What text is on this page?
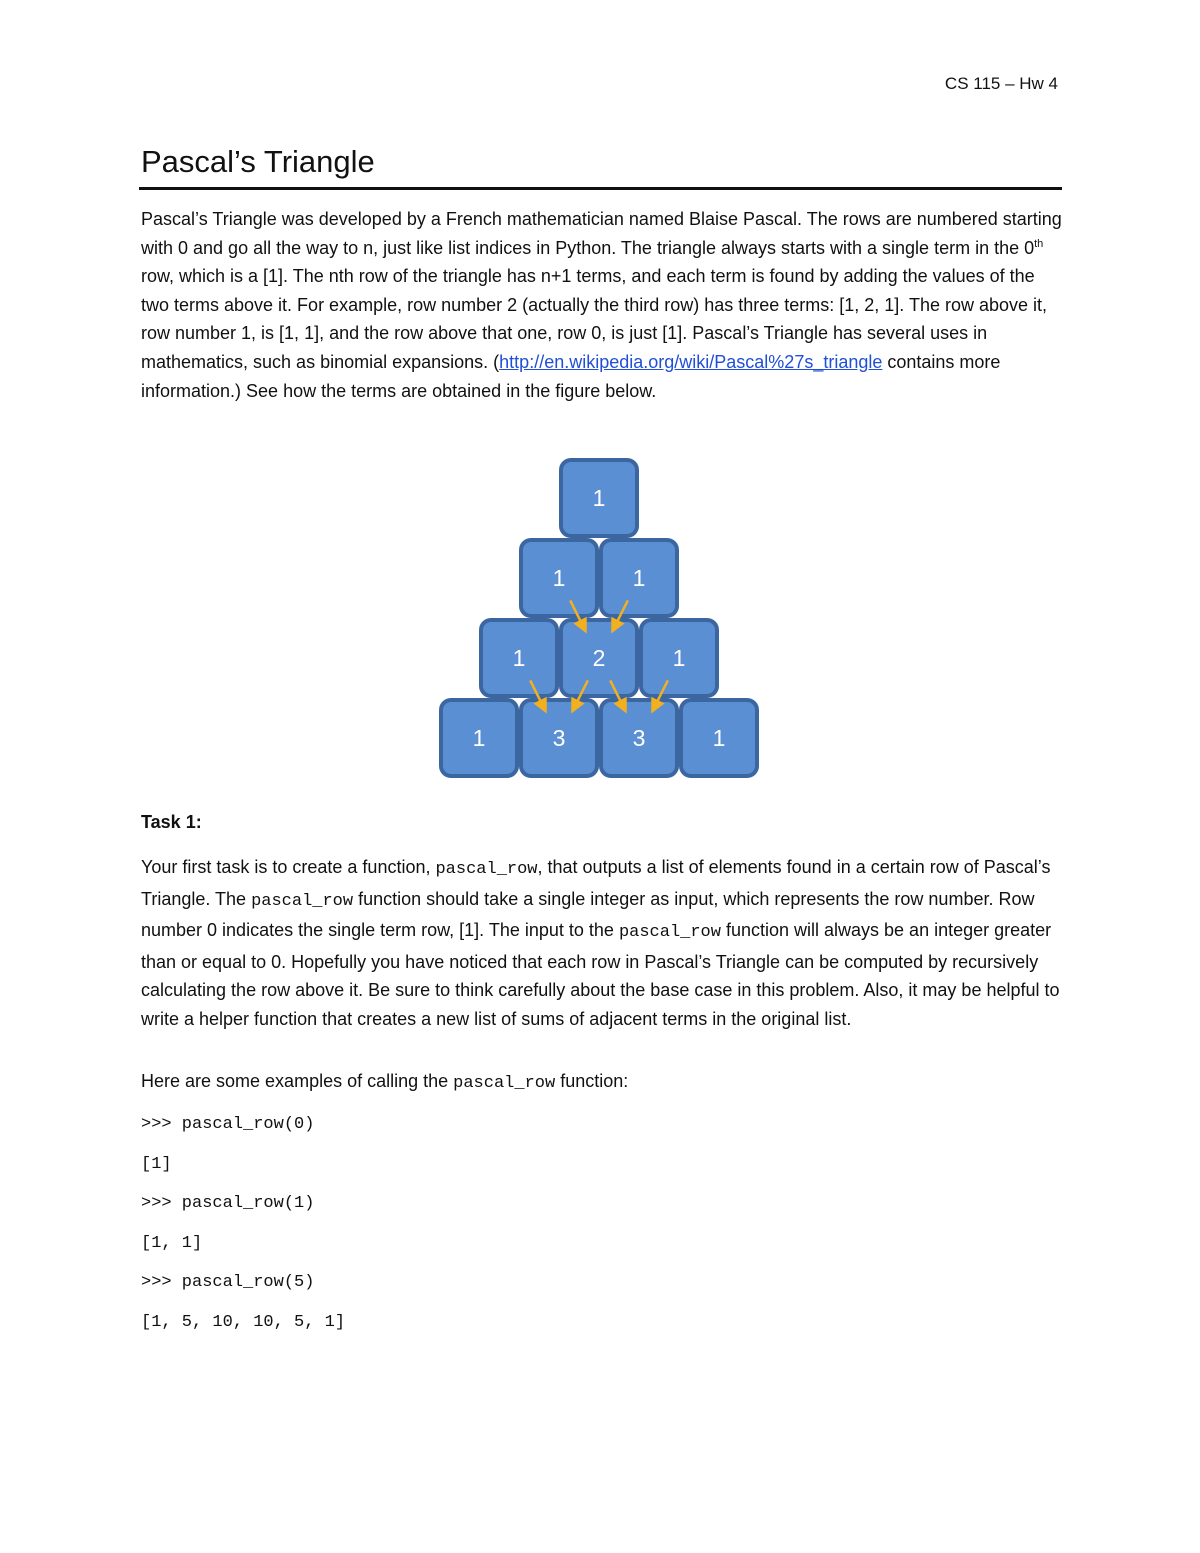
CS 115 – Hw 4
Pascal’s Triangle

Pascal’s Triangle was developed by a French mathematician named Blaise Pascal. The rows are numbered starting with 0 and go all the way to n, just like list indices in Python. The triangle always starts with a single term in the 0th row, which is a [1]. The nth row of the triangle has n+1 terms, and each term is found by adding the values of the two terms above it. For example, row number 2 (actually the third row) has three terms: [1, 2, 1]. The row above it, row number 1, is [1, 1], and the row above that one, row 0, is just [1]. Pascal’s Triangle has several uses in mathematics, such as binomial expansions. (http://en.wikipedia.org/wiki/Pascal%27s_triangle contains more information.) See how the terms are obtained in the figure below.

1
1	1
1	2	1
1	3	3	1

Task 1:

Your first task is to create a function, pascal_row, that outputs a list of elements found in a certain row of Pascal’s Triangle. The pascal_row function should take a single integer as input, which represents the row number. Row number 0 indicates the single term row, [1]. The input to the pascal_row function will always be an integer greater than or equal to 0. Hopefully you have noticed that each row in Pascal’s Triangle can be computed by recursively calculating the row above it. Be sure to think carefully about the base case in this problem. Also, it may be helpful to write a helper function that creates a new list of sums of adjacent terms in the original list.

Here are some examples of calling the pascal_row function:

>>> pascal_row(0)

[1]

>>> pascal_row(1)

[1, 1]

>>> pascal_row(5)

[1, 5, 10, 10, 5, 1]
